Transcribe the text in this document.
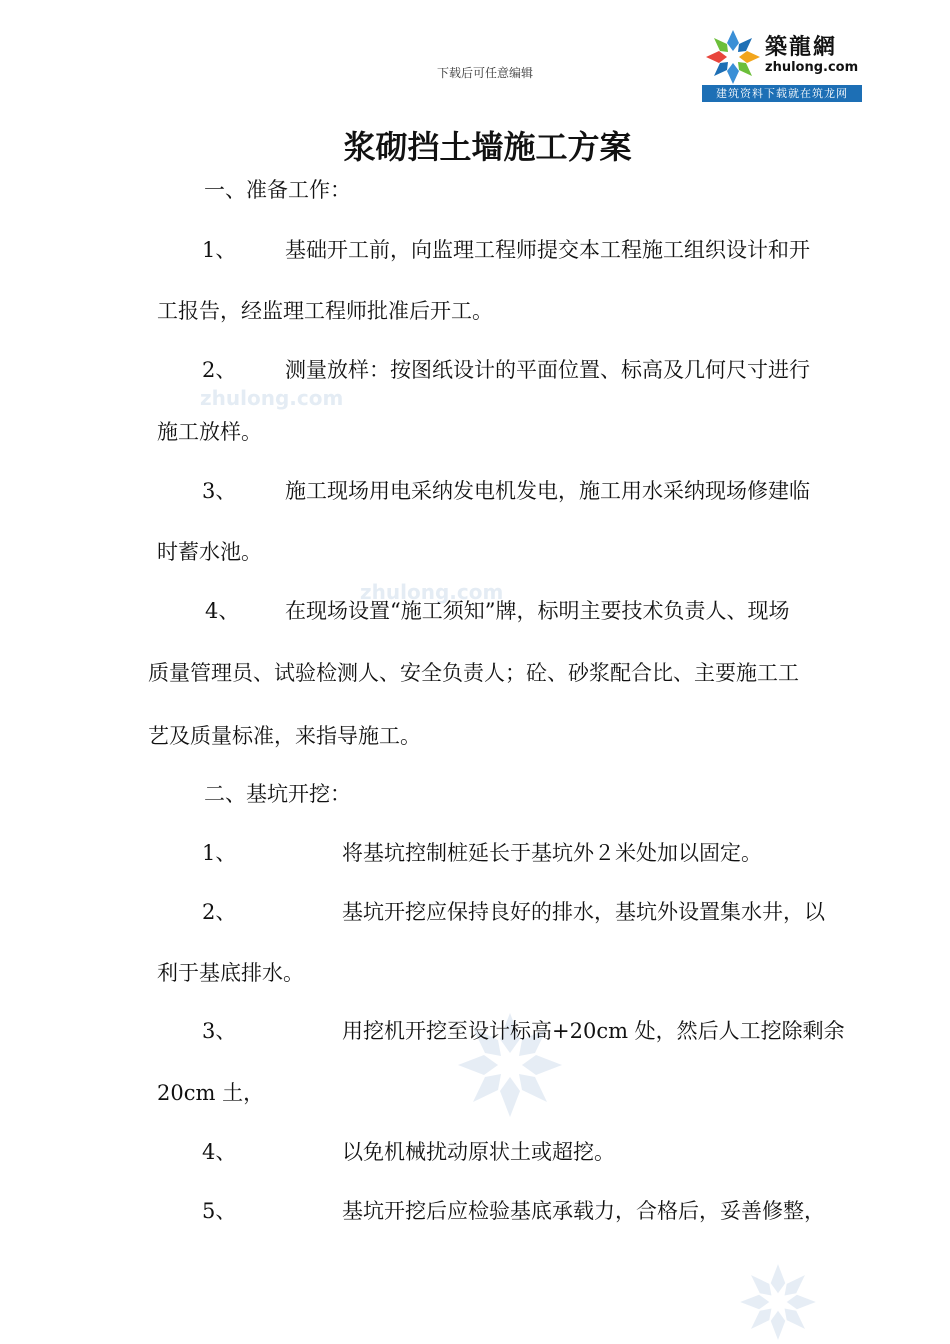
下载后可任意编辑
築龍網
zhulong.com
建筑资料下载就在筑龙网
zhulong.com
zhulong.com
浆砌挡土墙施工方案
一、准备工作：
1、 基础开工前，向监理工程师提交本工程施工组织设计和开
工报告，经监理工程师批准后开工。
2、 测量放样：按图纸设计的平面位置、标高及几何尺寸进行
施工放样。
3、 施工现场用电采纳发电机发电，施工用水采纳现场修建临
时蓄水池。
4、 在现场设置“施工须知”牌，标明主要技术负责人、现场
质量管理员、试验检测人、安全负责人；砼、砂浆配合比、主要施工工
艺及质量标准，来指导施工。
二、基坑开挖：
1、	将基坑控制桩延长于基坑外２米处加以固定。
2、	基坑开挖应保持良好的排水，基坑外设置集水井，以
利于基底排水。
3、	用挖机开挖至设计标高+20cm 处，然后人工挖除剩余
20cm 土，
4、	以免机械扰动原状土或超挖。
5、	基坑开挖后应检验基底承载力，合格后，妥善修整，
